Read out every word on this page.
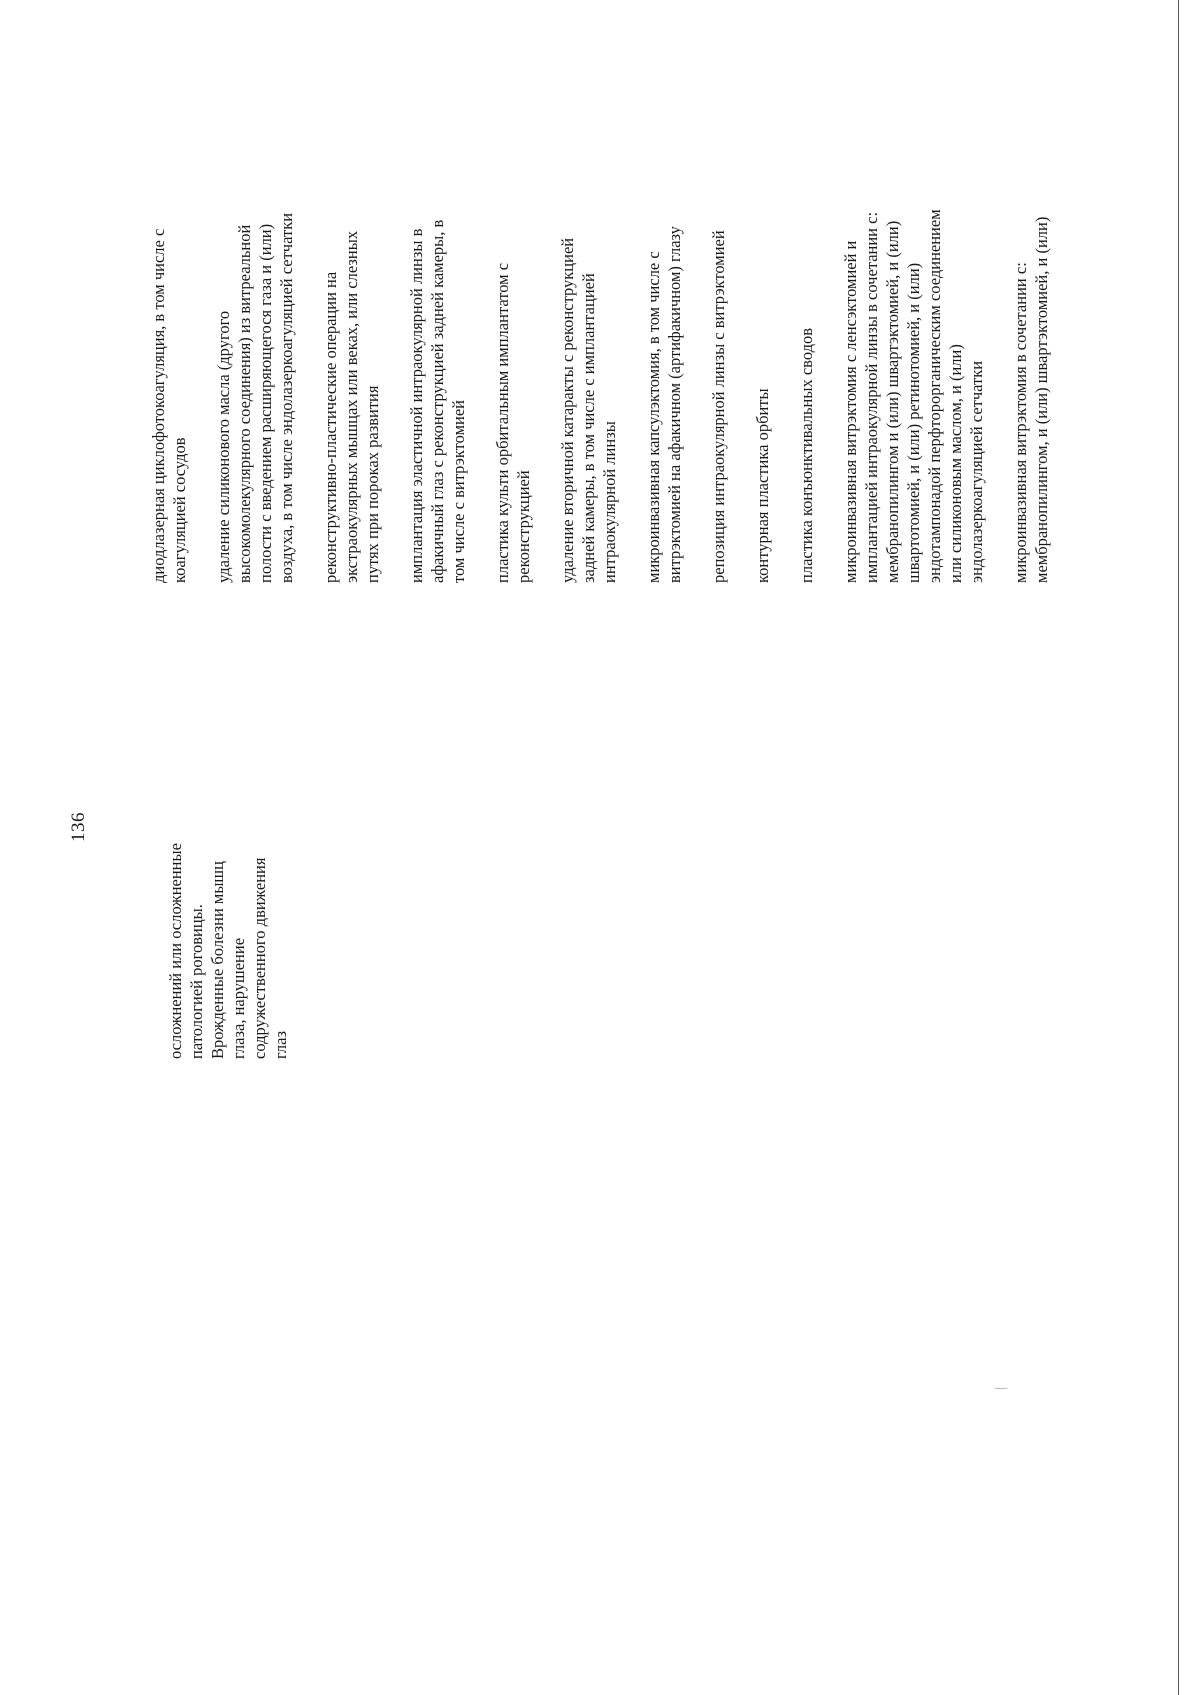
136
осложнений или осложненные
патологией роговицы.
Врожденные болезни мышц
глаза, нарушение
содружественного движения
глаз

диодлазерная циклофотокоагуляция, в том числе с
коагуляцией сосудов

удаление силиконового масла (другого
высокомолекулярного соединения) из витреальной
полости с введением расширяющегося газа и (или)
воздуха, в том числе эндолазеркоагуляцией сетчатки

реконструктивно-пластические операции на
экстраокулярных мышцах или веках, или слезных
путях при пороках развития

имплантация эластичной интраокулярной линзы в
афакичный глаз с реконструкцией задней камеры, в
том числе с витрэктомией

пластика культи орбитальным имплантатом с
реконструкцией удаление вторичной катаракты с реконструкцией
задней камеры, в том числе с имплантацией
интраокулярной линзы

микроинвазивная капсулэктомия, в том числе с
витрэктомией на афакичном (артифакичном) глазу репозиция интраокулярной линзы с витрэктомией контурная пластика орбиты пластика конъюнктивальных сводов микроинвазивная витрэктомия с ленсэктомией и
имплантацией интраокулярной линзы в сочетании с:
мембранопилингом и (или) швартэктомией, и (или)
швартотомией, и (или) ретинотомией, и (или)
эндотампонадой перфторорганическим соединением
или силиконовым маслом, и (или)
эндолазеркоагуляцией сетчатки

микроинвазивная витрэктомия в сочетании с:
мембранопилингом, и (или) швартэктомией, и (или)
